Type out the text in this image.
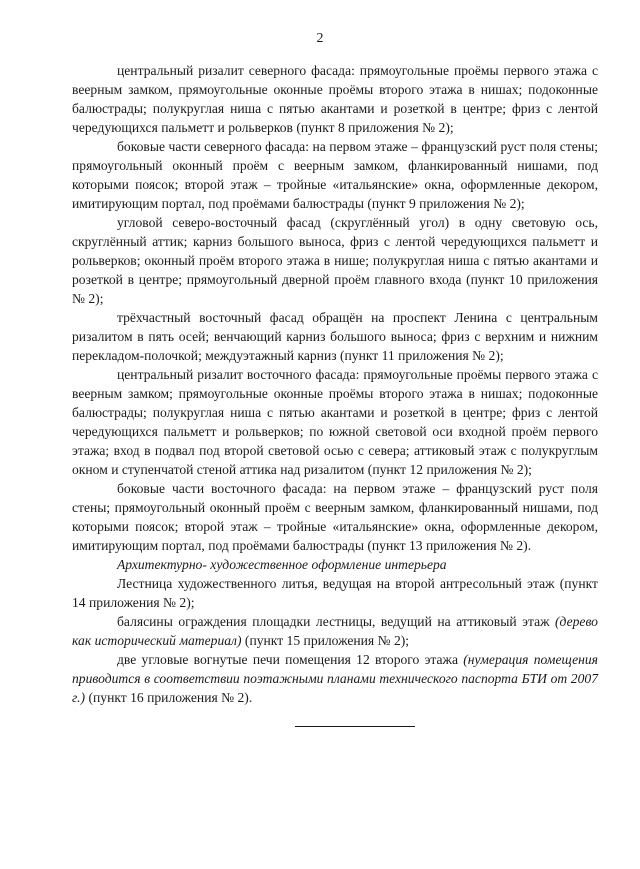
2

центральный ризалит северного фасада: прямоугольные проёмы первого этажа с веерным замком, прямоугольные оконные проёмы второго этажа в нишах; подоконные балюстрады; полукруглая ниша с пятью акантами и розеткой в центре; фриз с лентой чередующихся пальметт и рольверков (пункт 8 приложения № 2);

боковые части северного фасада: на первом этаже – французский руст поля стены; прямоугольный оконный проём с веерным замком, фланкированный нишами, под которыми поясок; второй этаж – тройные «итальянские» окна, оформленные декором, имитирующим портал, под проёмами балюстрады (пункт 9 приложения № 2);

угловой северо-восточный фасад (скруглённый угол) в одну световую ось, скруглённый аттик; карниз большого выноса, фриз с лентой чередующихся пальметт и рольверков; оконный проём второго этажа в нише; полукруглая ниша с пятью акантами и розеткой в центре; прямоугольный дверной проём главного входа (пункт 10 приложения № 2);

трёхчастный восточный фасад обращён на проспект Ленина с центральным ризалитом в пять осей; венчающий карниз большого выноса; фриз с верхним и нижним перекладом-полочкой; междуэтажный карниз (пункт 11 приложения № 2);

центральный ризалит восточного фасада: прямоугольные проёмы первого этажа с веерным замком; прямоугольные оконные проёмы второго этажа в нишах; подоконные балюстрады; полукруглая ниша с пятью акантами и розеткой в центре; фриз с лентой чередующихся пальметт и рольверков; по южной световой оси входной проём первого этажа; вход в подвал под второй световой осью с севера; аттиковый этаж с полукруглым окном и ступенчатой стеной аттика над ризалитом (пункт 12 приложения № 2);

боковые части восточного фасада: на первом этаже – французский руст поля стены; прямоугольный оконный проём с веерным замком, фланкированный нишами, под которыми поясок; второй этаж – тройные «итальянские» окна, оформленные декором, имитирующим портал, под проёмами балюстрады (пункт 13 приложения № 2).

Архитектурно- художественное оформление интерьера

Лестница художественного литья, ведущая на второй антресольный этаж (пункт 14 приложения № 2);

балясины ограждения площадки лестницы, ведущий на аттиковый этаж (дерево как исторический материал) (пункт 15 приложения № 2);

две угловые вогнутые печи помещения 12 второго этажа (нумерация помещения приводится в соответствии поэтажными планами технического паспорта БТИ от 2007 г.) (пункт 16 приложения № 2).
